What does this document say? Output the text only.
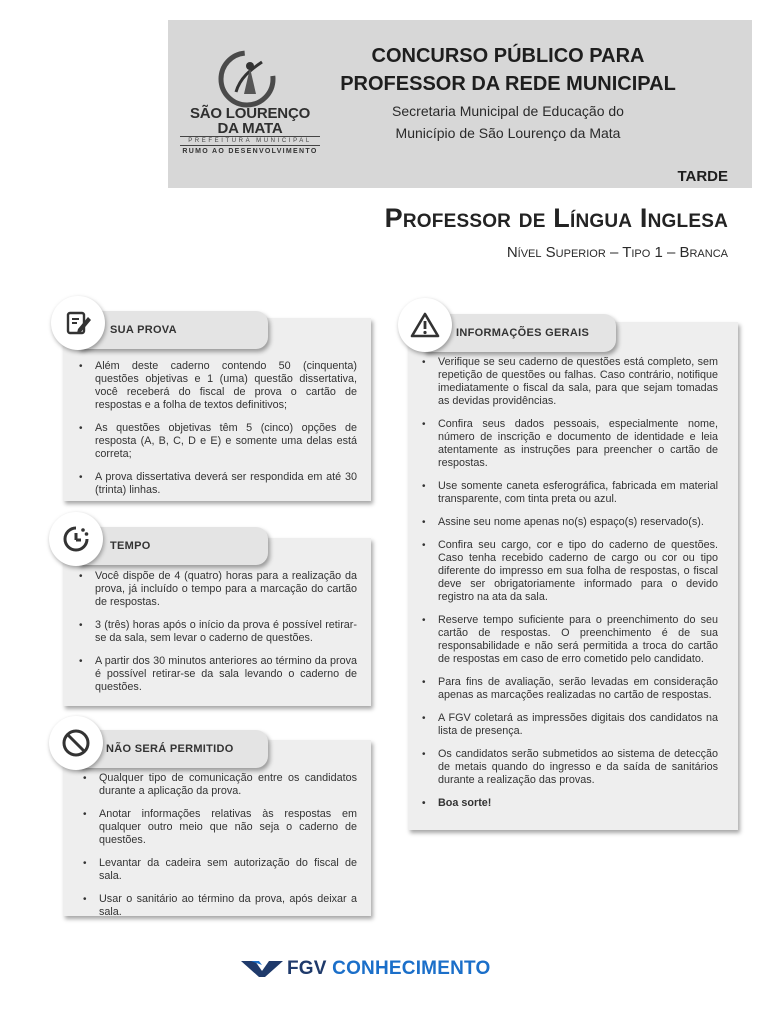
SÃO LOURENÇO
DA MATA
PREFEITURA MUNICIPAL
RUMO AO DESENVOLVIMENTO
CONCURSO PÚBLICO PARA
PROFESSOR DA REDE MUNICIPAL
Secretaria Municipal de Educação do
Município de São Lourenço da Mata
TARDE
Professor de Língua Inglesa
Nível Superior – Tipo 1 – Branca
• Além deste caderno contendo 50 (cinquenta) questões objetivas e 1 (uma) questão dissertativa, você receberá do fiscal de prova o cartão de respostas e a folha de textos definitivos;
• As questões objetivas têm 5 (cinco) opções de resposta (A, B, C, D e E) e somente uma delas está correta;
• A prova dissertativa deverá ser respondida em até 30 (trinta) linhas.
SUA PROVA
• Você dispõe de 4 (quatro) horas para a realização da prova, já incluído o tempo para a marcação do cartão de respostas.
• 3 (três) horas após o início da prova é possível retirar-se da sala, sem levar o caderno de questões.
• A partir dos 30 minutos anteriores ao término da prova é possível retirar-se da sala levando o caderno de questões.
TEMPO
• Qualquer tipo de comunicação entre os candidatos durante a aplicação da prova.
• Anotar informações relativas às respostas em qualquer outro meio que não seja o caderno de questões.
• Levantar da cadeira sem autorização do fiscal de sala.
• Usar o sanitário ao término da prova, após deixar a sala.
NÃO SERÁ PERMITIDO
• Verifique se seu caderno de questões está completo, sem repetição de questões ou falhas. Caso contrário, notifique imediatamente o fiscal da sala, para que sejam tomadas as devidas providências.
• Confira seus dados pessoais, especialmente nome, número de inscrição e documento de identidade e leia atentamente as instruções para preencher o cartão de respostas.
• Use somente caneta esferográfica, fabricada em material transparente, com tinta preta ou azul.
• Assine seu nome apenas no(s) espaço(s) reservado(s).
• Confira seu cargo, cor e tipo do caderno de questões. Caso tenha recebido caderno de cargo ou cor ou tipo diferente do impresso em sua folha de respostas, o fiscal deve ser obrigatoriamente informado para o devido registro na ata da sala.
• Reserve tempo suficiente para o preenchimento do seu cartão de respostas. O preenchimento é de sua responsabilidade e não será permitida a troca do cartão de respostas em caso de erro cometido pelo candidato.
• Para fins de avaliação, serão levadas em consideração apenas as marcações realizadas no cartão de respostas.
• A FGV coletará as impressões digitais dos candidatos na lista de presença.
• Os candidatos serão submetidos ao sistema de detecção de metais quando do ingresso e da saída de sanitários durante a realização das provas.
• Boa sorte!
INFORMAÇÕES GERAIS
FGV CONHECIMENTO
